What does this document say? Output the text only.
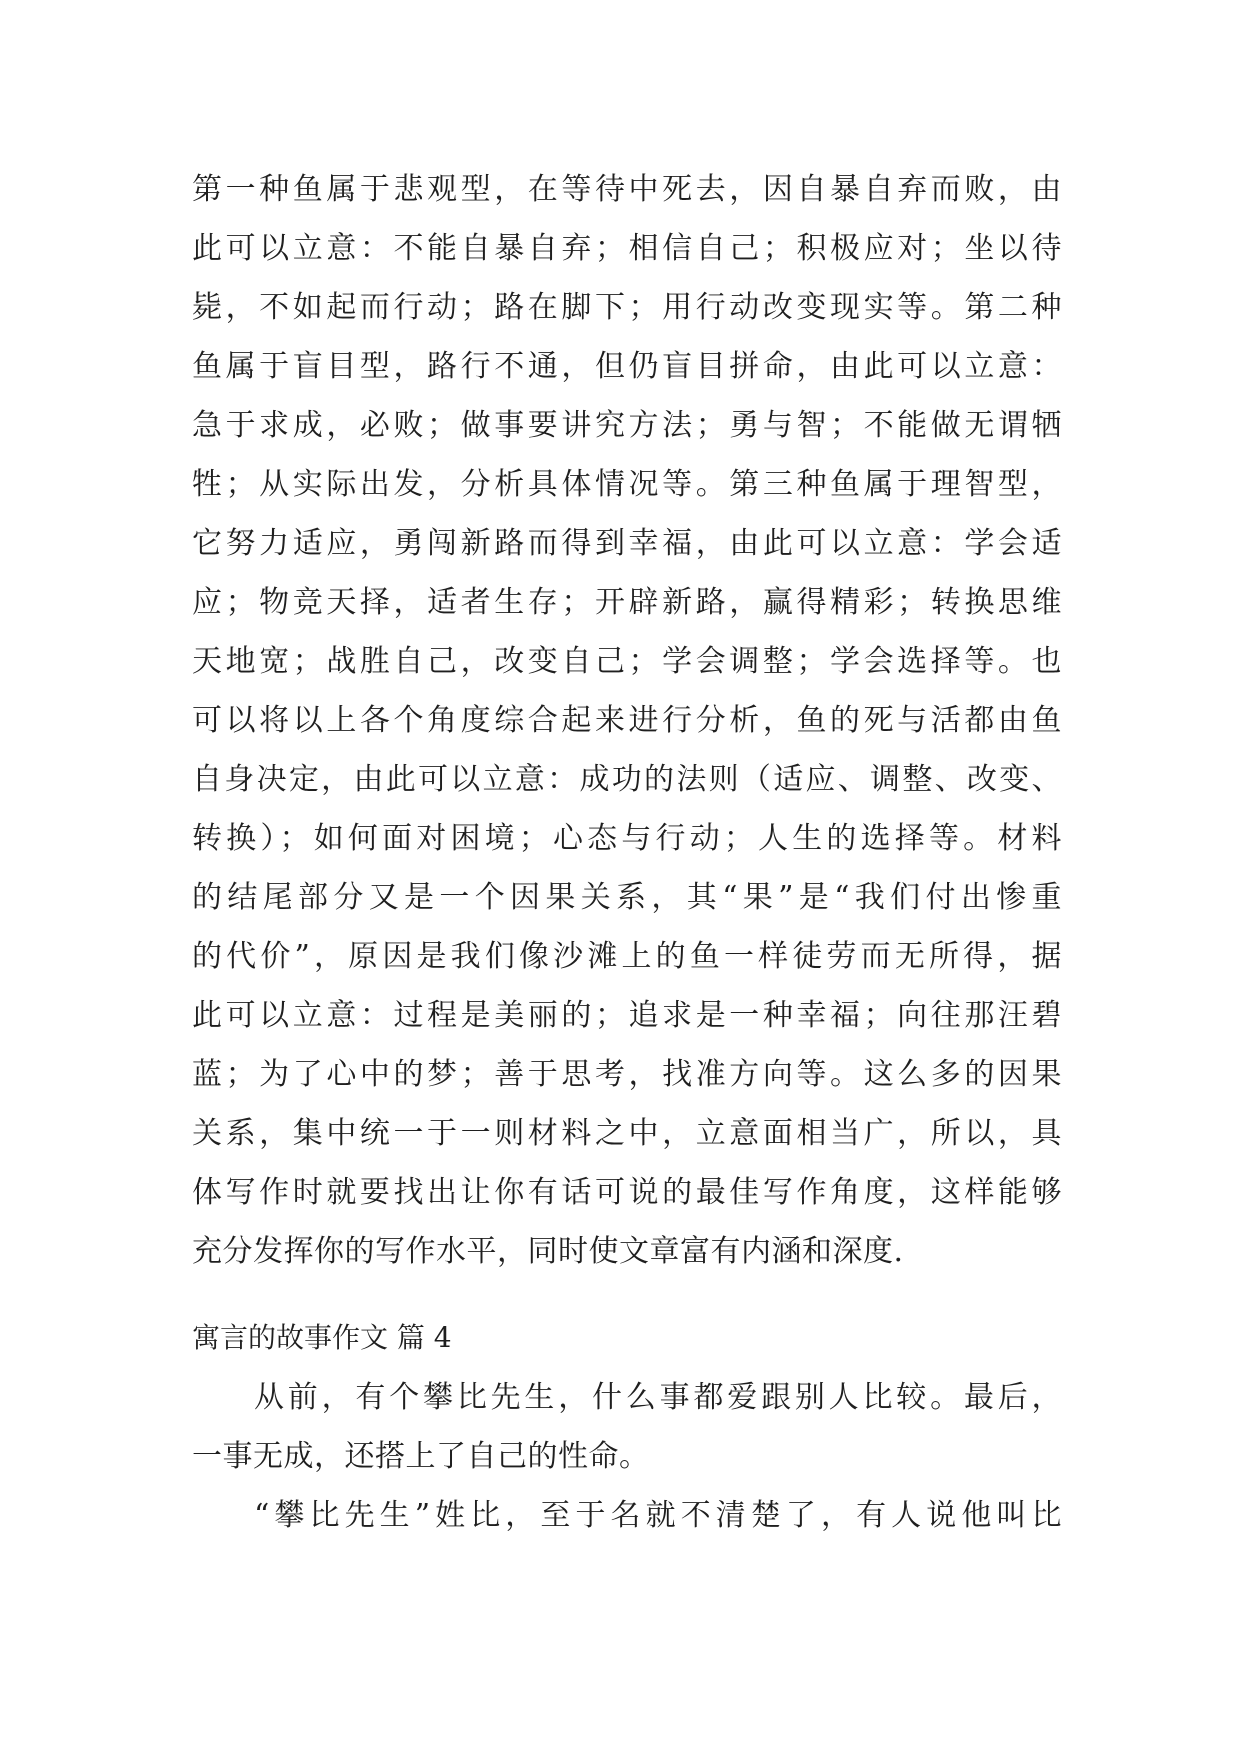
第一种鱼属于悲观型，在等待中死去，因自暴自弃而败，由
此可以立意：不能自暴自弃；相信自己；积极应对；坐以待
毙，不如起而行动；路在脚下；用行动改变现实等。第二种
鱼属于盲目型，路行不通，但仍盲目拼命，由此可以立意：
急于求成，必败；做事要讲究方法；勇与智；不能做无谓牺
牲；从实际出发，分析具体情况等。第三种鱼属于理智型，
它努力适应，勇闯新路而得到幸福，由此可以立意：学会适
应；物竞天择，适者生存；开辟新路，赢得精彩；转换思维
天地宽；战胜自己，改变自己；学会调整；学会选择等。也
可以将以上各个角度综合起来进行分析，鱼的死与活都由鱼
自身决定，由此可以立意：成功的法则（适应、调整、改变、
转换）；如何面对困境；心态与行动；人生的选择等。材料
的结尾部分又是一个因果关系，其“果”是“我们付出惨重
的代价”，原因是我们像沙滩上的鱼一样徒劳而无所得，据
此可以立意：过程是美丽的；追求是一种幸福；向往那汪碧
蓝；为了心中的梦；善于思考，找准方向等。这么多的因果
关系，集中统一于一则材料之中，立意面相当广，所以，具
体写作时就要找出让你有话可说的最佳写作角度，这样能够
充分发挥你的写作水平，同时使文章富有内涵和深度.
寓言的故事作文 篇 4
从前，有个攀比先生，什么事都爱跟别人比较。最后，
一事无成，还搭上了自己的性命。
“攀比先生”姓比，至于名就不清楚了，有人说他叫比
